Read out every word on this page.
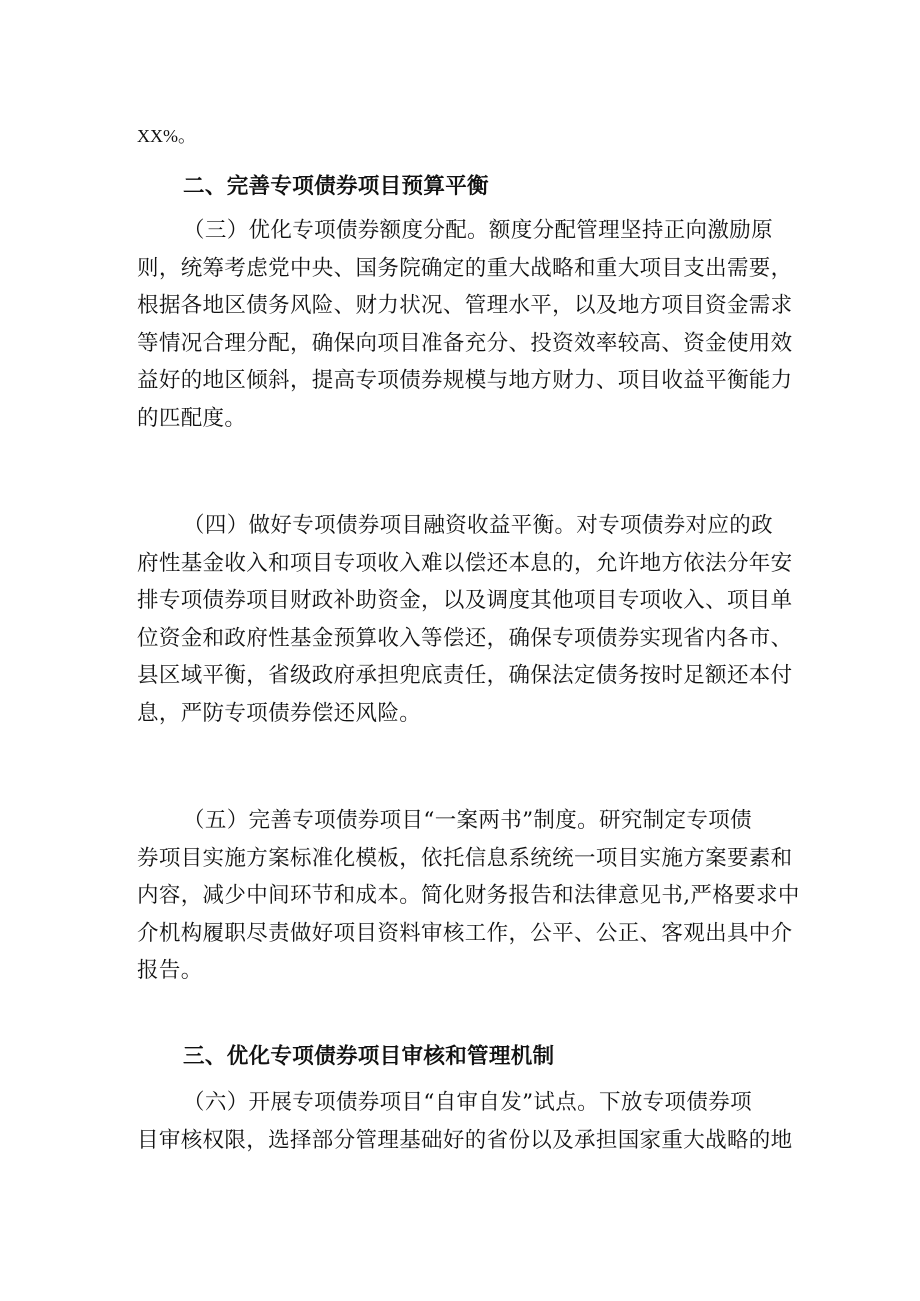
XX%。

二、完善专项债券项目预算平衡

（三）优化专项债券额度分配。额度分配管理坚持正向激励原
则，统筹考虑党中央、国务院确定的重大战略和重大项目支出需要，
根据各地区债务风险、财力状况、管理水平，以及地方项目资金需求
等情况合理分配，确保向项目准备充分、投资效率较高、资金使用效
益好的地区倾斜，提高专项债券规模与地方财力、项目收益平衡能力
的匹配度。
（四）做好专项债券项目融资收益平衡。对专项债券对应的政
府性基金收入和项目专项收入难以偿还本息的，允许地方依法分年安
排专项债券项目财政补助资金，以及调度其他项目专项收入、项目单
位资金和政府性基金预算收入等偿还，确保专项债券实现省内各市、
县区域平衡，省级政府承担兜底责任，确保法定债务按时足额还本付
息，严防专项债券偿还风险。
（五）完善专项债券项目“一案两书”制度。研究制定专项债
券项目实施方案标准化模板，依托信息系统统一项目实施方案要素和
内容，减少中间环节和成本。简化财务报告和法律意见书,严格要求中
介机构履职尽责做好项目资料审核工作，公平、公正、客观出具中介
报告。

三、优化专项债券项目审核和管理机制

（六）开展专项债券项目“自审自发”试点。下放专项债券项
目审核权限，选择部分管理基础好的省份以及承担国家重大战略的地
